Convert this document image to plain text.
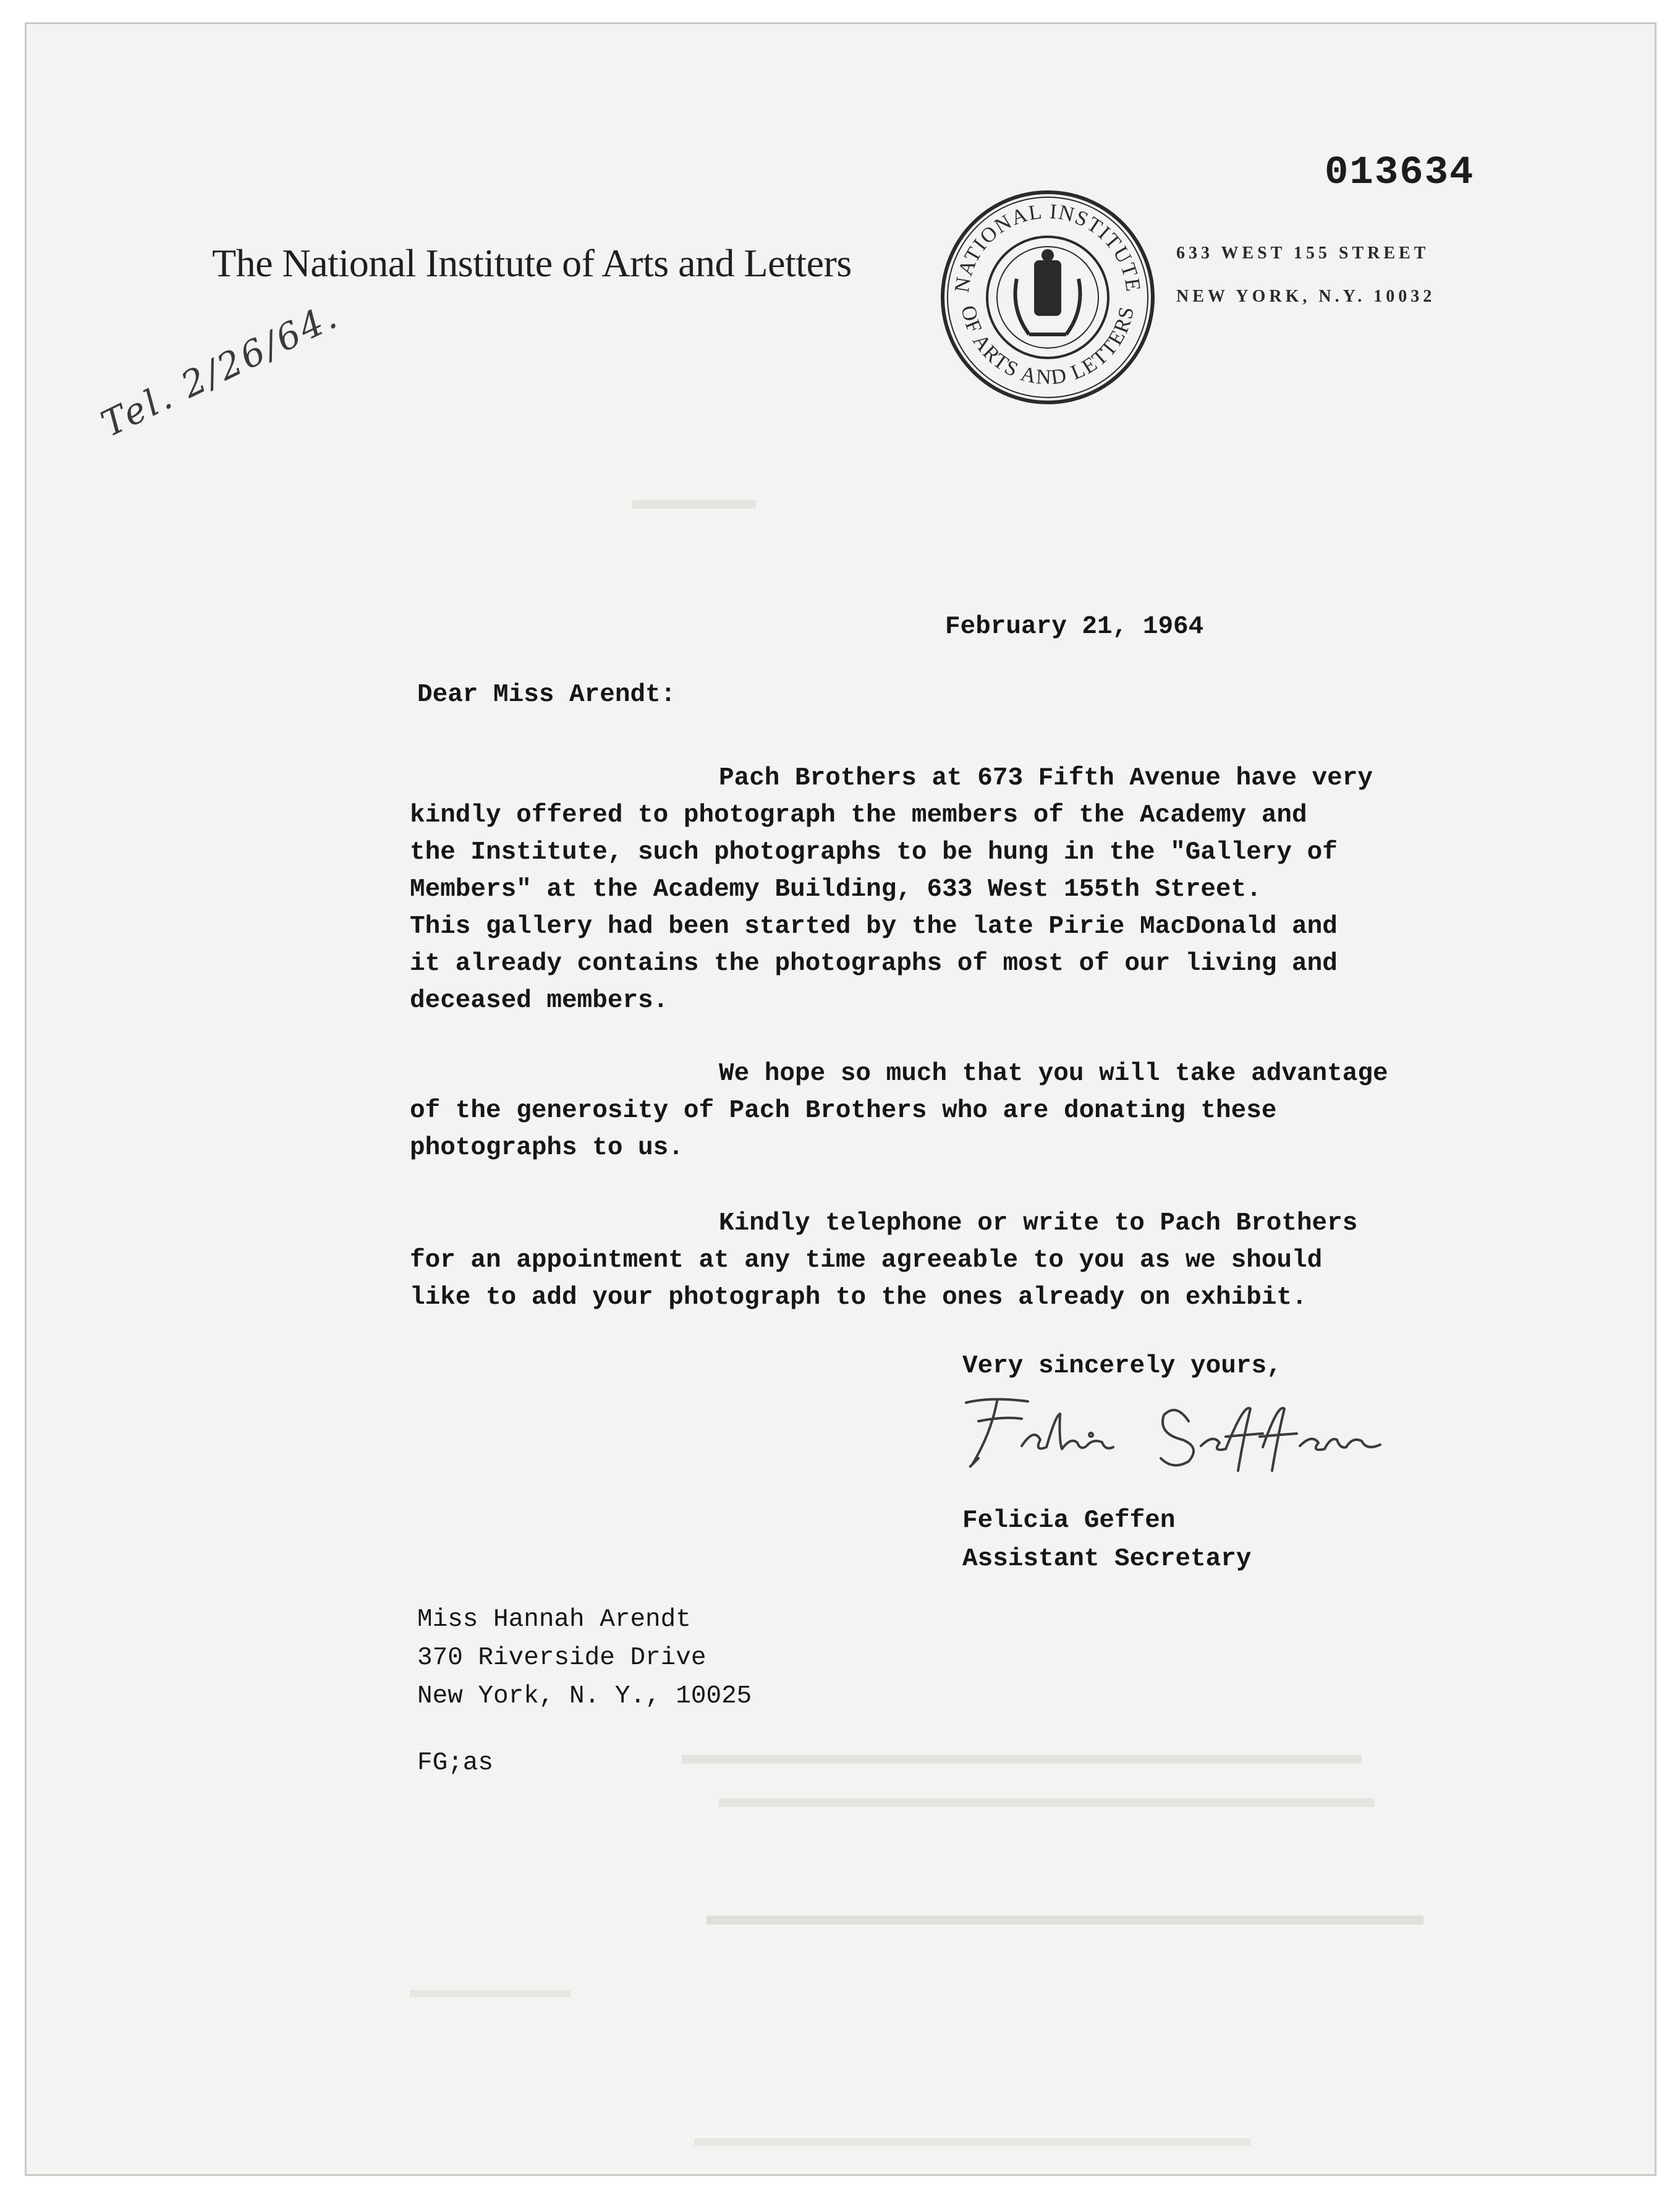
013634
The National Institute of Arts and Letters	NATIONAL INSTITUTE
OF ARTS AND LETTERS
633 WEST 155 STREET
NEW YORK, N.Y. 10032
Tel. 2/26/64.
February 21, 1964
Dear Miss Arendt:
Pach Brothers at 673 Fifth Avenue have very
kindly offered to photograph the members of the Academy and
the Institute, such photographs to be hung in the "Gallery of
Members" at the Academy Building, 633 West 155th Street.
This gallery had been started by the late Pirie MacDonald and
it already contains the photographs of most of our living and
deceased members.
We hope so much that you will take advantage
of the generosity of Pach Brothers who are donating these
photographs to us.
Kindly telephone or write to Pach Brothers
for an appointment at any time agreeable to you as we should
like to add your photograph to the ones already on exhibit.
Very sincerely yours,
Felicia Geffen
Assistant Secretary
Miss Hannah Arendt
370 Riverside Drive
New York, N. Y., 10025
FG;as
